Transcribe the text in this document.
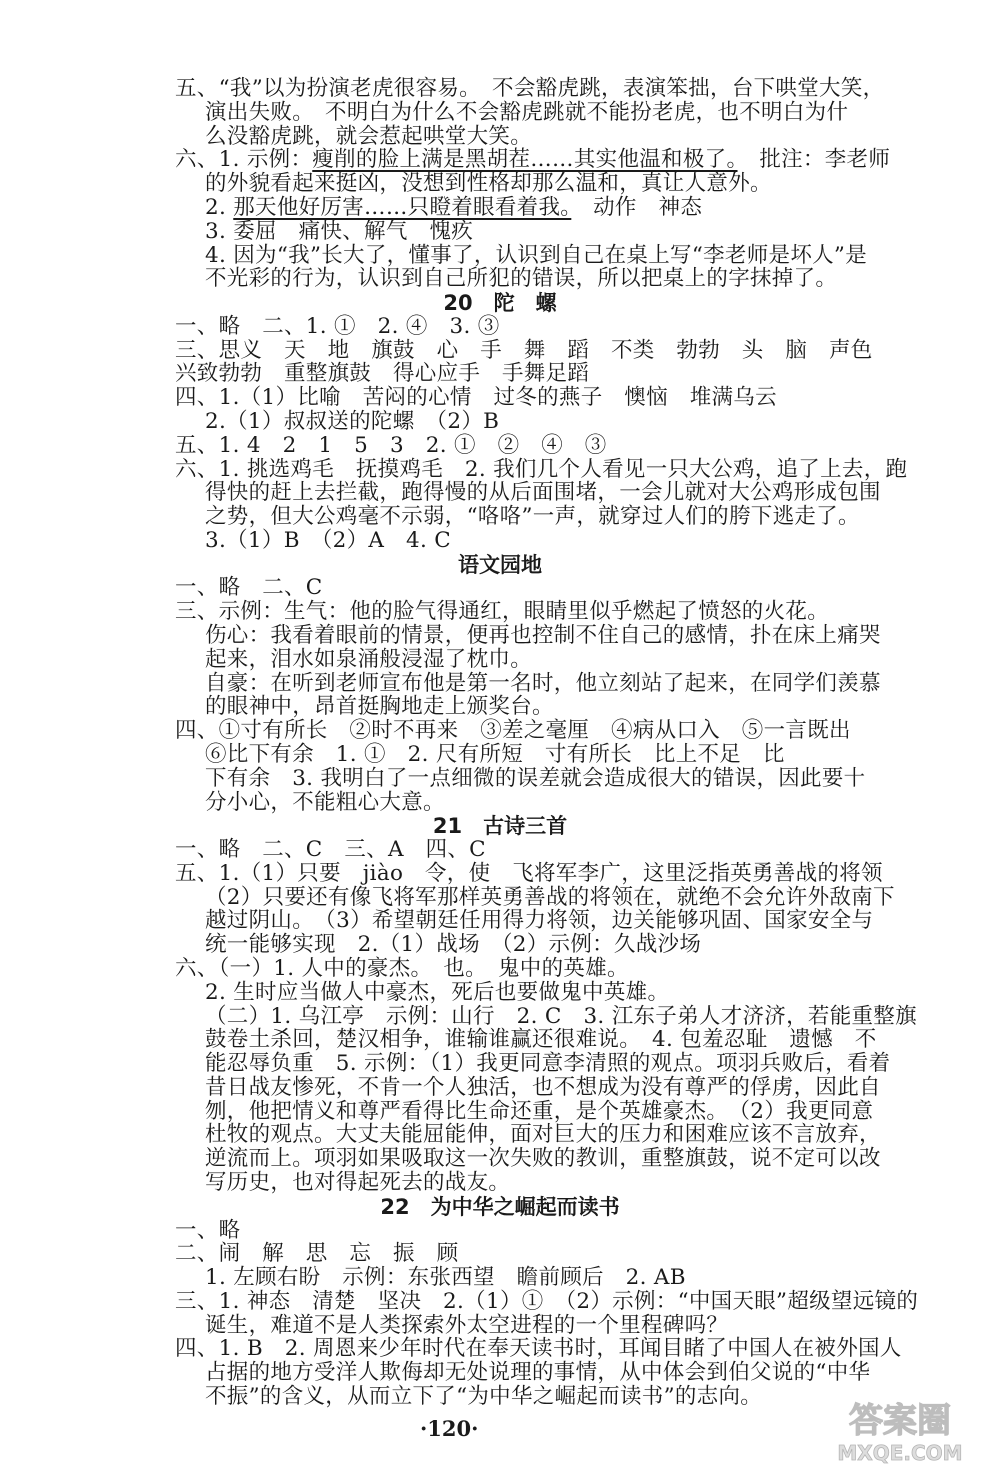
五、“我”以为扮演老虎很容易。　不会豁虎跳，表演笨拙，台下哄堂大笑，
演出失败。　不明白为什么不会豁虎跳就不能扮老虎，也不明白为什
么没豁虎跳，就会惹起哄堂大笑。
六、1. 示例：瘦削的脸上满是黑胡茬……其实他温和极了。　批注：李老师
的外貌看起来挺凶，没想到性格却那么温和，真让人意外。
2. 那天他好厉害……只瞪着眼看着我。　动作　神态
3. 委屈　痛快、解气　愧疚
4. 因为“我”长大了，懂事了，认识到自己在桌上写“李老师是坏人”是
不光彩的行为，认识到自己所犯的错误，所以把桌上的字抹掉了。
20　陀　螺
一、略　二、1. ①　2. ④　3. ③
三、思义　天　地　旗鼓　心　手　舞　蹈　不类　勃勃　头　脑　声色
兴致勃勃　重整旗鼓　得心应手　手舞足蹈
四、1.（1）比喻　苦闷的心情　过冬的燕子　懊恼　堆满乌云
2.（1）叔叔送的陀螺　（2）B
五、1. 4　2　1　5　3　2. ①　②　④　③
六、1. 挑选鸡毛　抚摸鸡毛　2. 我们几个人看见一只大公鸡，追了上去，跑
得快的赶上去拦截，跑得慢的从后面围堵，一会儿就对大公鸡形成包围
之势，但大公鸡毫不示弱，“咯咯”一声，就穿过人们的胯下逃走了。
3.（1）B　（2）A　4. C
语文园地
一、略　二、C
三、示例：生气：他的脸气得通红，眼睛里似乎燃起了愤怒的火花。
伤心：我看着眼前的情景，便再也控制不住自己的感情，扑在床上痛哭
起来，泪水如泉涌般浸湿了枕巾。
自豪：在听到老师宣布他是第一名时，他立刻站了起来，在同学们羡慕
的眼神中，昂首挺胸地走上颁奖台。
四、①寸有所长　②时不再来　③差之毫厘　④病从口入　⑤一言既出
⑥比下有余　1. ①　2. 尺有所短　寸有所长　比上不足　比
下有余　3. 我明白了一点细微的误差就会造成很大的错误，因此要十
分小心，不能粗心大意。
21　古诗三首
一、略　二、C　三、A　四、C
五、1.（1）只要　jiào　令，使　飞将军李广，这里泛指英勇善战的将领
（2）只要还有像飞将军那样英勇善战的将领在，就绝不会允许外敌南下
越过阴山。　（3）希望朝廷任用得力将领，边关能够巩固、国家安全与
统一能够实现　2.（1）战场　（2）示例：久战沙场
六、（一）1. 人中的豪杰。　也。　鬼中的英雄。
2. 生时应当做人中豪杰，死后也要做鬼中英雄。
（二）1. 乌江亭　示例：山行　2. C　3. 江东子弟人才济济，若能重整旗
鼓卷土杀回，楚汉相争，谁输谁赢还很难说。　4. 包羞忍耻　遗憾　不
能忍辱负重　5. 示例：（1）我更同意李清照的观点。项羽兵败后，看着
昔日战友惨死，不肯一个人独活，也不想成为没有尊严的俘虏，因此自
刎，他把情义和尊严看得比生命还重，是个英雄豪杰。　（2）我更同意
杜牧的观点。大丈夫能屈能伸，面对巨大的压力和困难应该不言放弃，
逆流而上。项羽如果吸取这一次失败的教训，重整旗鼓，说不定可以改
写历史，也对得起死去的战友。
22　为中华之崛起而读书
一、略
二、闹　解　思　忘　振　顾
1. 左顾右盼　示例：东张西望　瞻前顾后　2. AB
三、1. 神态　清楚　坚决　2.（1）①　（2）示例：“中国天眼”超级望远镜的
诞生，难道不是人类探索外太空进程的一个里程碑吗？
四、1. B　2. 周恩来少年时代在奉天读书时，耳闻目睹了中国人在被外国人
占据的地方受洋人欺侮却无处说理的事情，从中体会到伯父说的“中华
不振”的含义，从而立下了“为中华之崛起而读书”的志向。
答案圈
MXQE.COM
·120·
